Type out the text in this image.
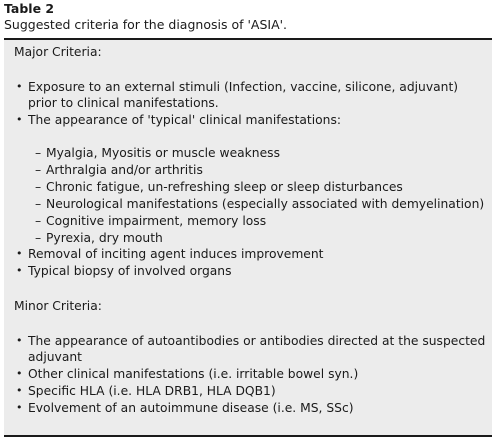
Table 2
Suggested criteria for the diagnosis of 'ASIA'.
Major Criteria:
• Exposure to an external stimuli (Infection, vaccine, silicone, adjuvant)
prior to clinical manifestations.
• The appearance of 'typical' clinical manifestations:
– Myalgia, Myositis or muscle weakness
– Arthralgia and/or arthritis
– Chronic fatigue, un-refreshing sleep or sleep disturbances
– Neurological manifestations (especially associated with demyelination)
– Cognitive impairment, memory loss
– Pyrexia, dry mouth
• Removal of inciting agent induces improvement
• Typical biopsy of involved organs
Minor Criteria:
• The appearance of autoantibodies or antibodies directed at the suspected
adjuvant
• Other clinical manifestations (i.e. irritable bowel syn.)
• Specific HLA (i.e. HLA DRB1, HLA DQB1)
• Evolvement of an autoimmune disease (i.e. MS, SSc)
